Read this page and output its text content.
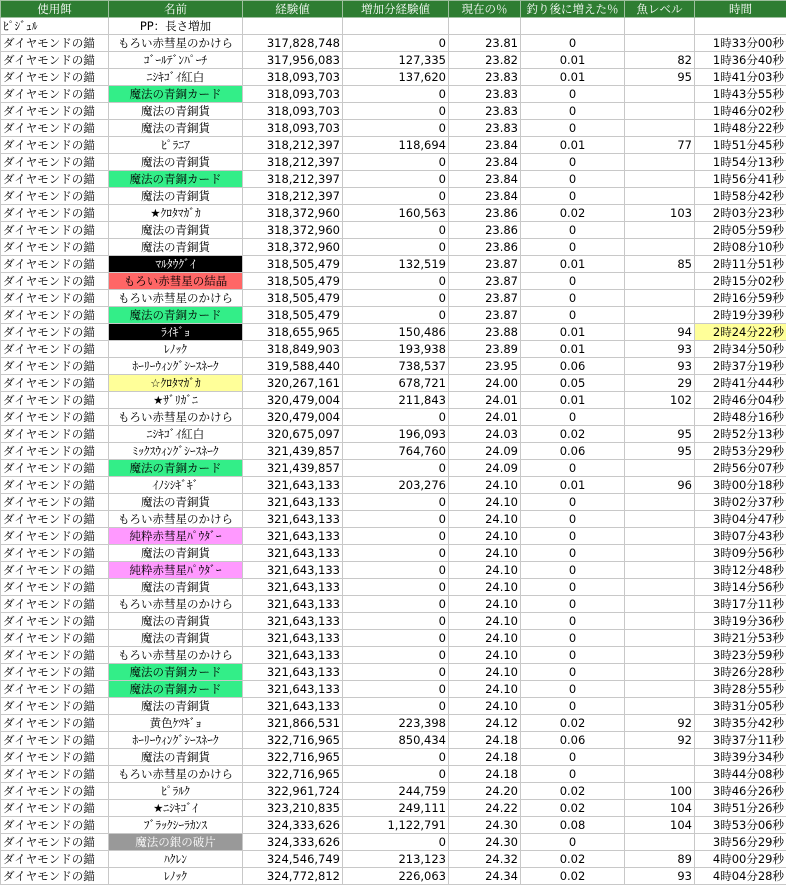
使用餌	名前	経験値	増加分経験値	現在の％	釣り後に増えた％	魚レベル	時間
ﾋﾟｼﾞｭﾙ	PP：長さ増加						
ダイヤモンドの錨	もろい赤彗星のかけら	317,828,748	0	23.81	0		1時33分00秒
ダイヤモンドの錨	ｺﾞｰﾙﾃﾞﾝﾊﾟｰﾁ	317,956,083	127,335	23.82	0.01	82	1時36分40秒
ダイヤモンドの錨	ﾆｼｷｺﾞｲ紅白	318,093,703	137,620	23.83	0.01	95	1時41分03秒
ダイヤモンドの錨	魔法の青銅カード	318,093,703	0	23.83	0		1時43分55秒
ダイヤモンドの錨	魔法の青銅貨	318,093,703	0	23.83	0		1時46分02秒
ダイヤモンドの錨	魔法の青銅貨	318,093,703	0	23.83	0		1時48分22秒
ダイヤモンドの錨	ﾋﾟﾗﾆｱ	318,212,397	118,694	23.84	0.01	77	1時51分45秒
ダイヤモンドの錨	魔法の青銅貨	318,212,397	0	23.84	0		1時54分13秒
ダイヤモンドの錨	魔法の青銅カード	318,212,397	0	23.84	0		1時56分41秒
ダイヤモンドの錨	魔法の青銅貨	318,212,397	0	23.84	0		1時58分42秒
ダイヤモンドの錨	★ｸﾛﾀﾏｶﾞｶ	318,372,960	160,563	23.86	0.02	103	2時03分23秒
ダイヤモンドの錨	魔法の青銅貨	318,372,960	0	23.86	0		2時05分59秒
ダイヤモンドの錨	魔法の青銅貨	318,372,960	0	23.86	0		2時08分10秒
ダイヤモンドの錨	ﾏﾙﾀｳｸﾞｲ	318,505,479	132,519	23.87	0.01	85	2時11分51秒
ダイヤモンドの錨	もろい赤彗星の結晶	318,505,479	0	23.87	0		2時15分02秒
ダイヤモンドの錨	もろい赤彗星のかけら	318,505,479	0	23.87	0		2時16分59秒
ダイヤモンドの錨	魔法の青銅カード	318,505,479	0	23.87	0		2時19分39秒
ダイヤモンドの錨	ﾗｲｷﾞｮ	318,655,965	150,486	23.88	0.01	94	2時24分22秒
ダイヤモンドの錨	ﾚﾉｯｸ	318,849,903	193,938	23.89	0.01	93	2時34分50秒
ダイヤモンドの錨	ﾎｰﾘｰｳｨﾝｸﾞｼｰｽﾈｰｸ	319,588,440	738,537	23.95	0.06	93	2時37分19秒
ダイヤモンドの錨	☆ｸﾛﾀﾏｶﾞｶ	320,267,161	678,721	24.00	0.05	29	2時41分44秒
ダイヤモンドの錨	★ｻﾞﾘｶﾞﾆ	320,479,004	211,843	24.01	0.01	102	2時46分04秒
ダイヤモンドの錨	もろい赤彗星のかけら	320,479,004	0	24.01	0		2時48分16秒
ダイヤモンドの錨	ﾆｼｷｺﾞｲ紅白	320,675,097	196,093	24.03	0.02	95	2時52分13秒
ダイヤモンドの錨	ﾐｯｸｽｳｨﾝｸﾞｼｰｽﾈｰｸ	321,439,857	764,760	24.09	0.06	95	2時53分29秒
ダイヤモンドの錨	魔法の青銅カード	321,439,857	0	24.09	0		2時56分07秒
ダイヤモンドの錨	ｲﾉｼｼｷﾞｷﾞ	321,643,133	203,276	24.10	0.01	96	3時00分18秒
ダイヤモンドの錨	魔法の青銅貨	321,643,133	0	24.10	0		3時02分37秒
ダイヤモンドの錨	もろい赤彗星のかけら	321,643,133	0	24.10	0		3時04分47秒
ダイヤモンドの錨	純粋赤彗星ﾊﾟｳﾀﾞｰ	321,643,133	0	24.10	0		3時07分43秒
ダイヤモンドの錨	魔法の青銅貨	321,643,133	0	24.10	0		3時09分56秒
ダイヤモンドの錨	純粋赤彗星ﾊﾟｳﾀﾞｰ	321,643,133	0	24.10	0		3時12分48秒
ダイヤモンドの錨	魔法の青銅貨	321,643,133	0	24.10	0		3時14分56秒
ダイヤモンドの錨	もろい赤彗星のかけら	321,643,133	0	24.10	0		3時17分11秒
ダイヤモンドの錨	魔法の青銅貨	321,643,133	0	24.10	0		3時19分36秒
ダイヤモンドの錨	魔法の青銅貨	321,643,133	0	24.10	0		3時21分53秒
ダイヤモンドの錨	もろい赤彗星のかけら	321,643,133	0	24.10	0		3時23分59秒
ダイヤモンドの錨	魔法の青銅カード	321,643,133	0	24.10	0		3時26分28秒
ダイヤモンドの錨	魔法の青銅カード	321,643,133	0	24.10	0		3時28分55秒
ダイヤモンドの錨	魔法の青銅貨	321,643,133	0	24.10	0		3時31分05秒
ダイヤモンドの錨	黄色ｹﾂｷﾞｮ	321,866,531	223,398	24.12	0.02	92	3時35分42秒
ダイヤモンドの錨	ﾎｰﾘｰｳｨﾝｸﾞｼｰｽﾈｰｸ	322,716,965	850,434	24.18	0.06	92	3時37分11秒
ダイヤモンドの錨	魔法の青銅貨	322,716,965	0	24.18	0		3時39分34秒
ダイヤモンドの錨	もろい赤彗星のかけら	322,716,965	0	24.18	0		3時44分08秒
ダイヤモンドの錨	ﾋﾟﾗﾙｸ	322,961,724	244,759	24.20	0.02	100	3時46分26秒
ダイヤモンドの錨	★ﾆｼｷｺﾞｲ	323,210,835	249,111	24.22	0.02	104	3時51分26秒
ダイヤモンドの錨	ﾌﾞﾗｯｸｼｰﾗｶﾝｽ	324,333,626	1,122,791	24.30	0.08	104	3時53分06秒
ダイヤモンドの錨	魔法の銀の破片	324,333,626	0	24.30	0		3時56分29秒
ダイヤモンドの錨	ﾊｸﾚﾝ	324,546,749	213,123	24.32	0.02	89	4時00分29秒
ダイヤモンドの錨	ﾚﾉｯｸ	324,772,812	226,063	24.34	0.02	93	4時04分28秒
